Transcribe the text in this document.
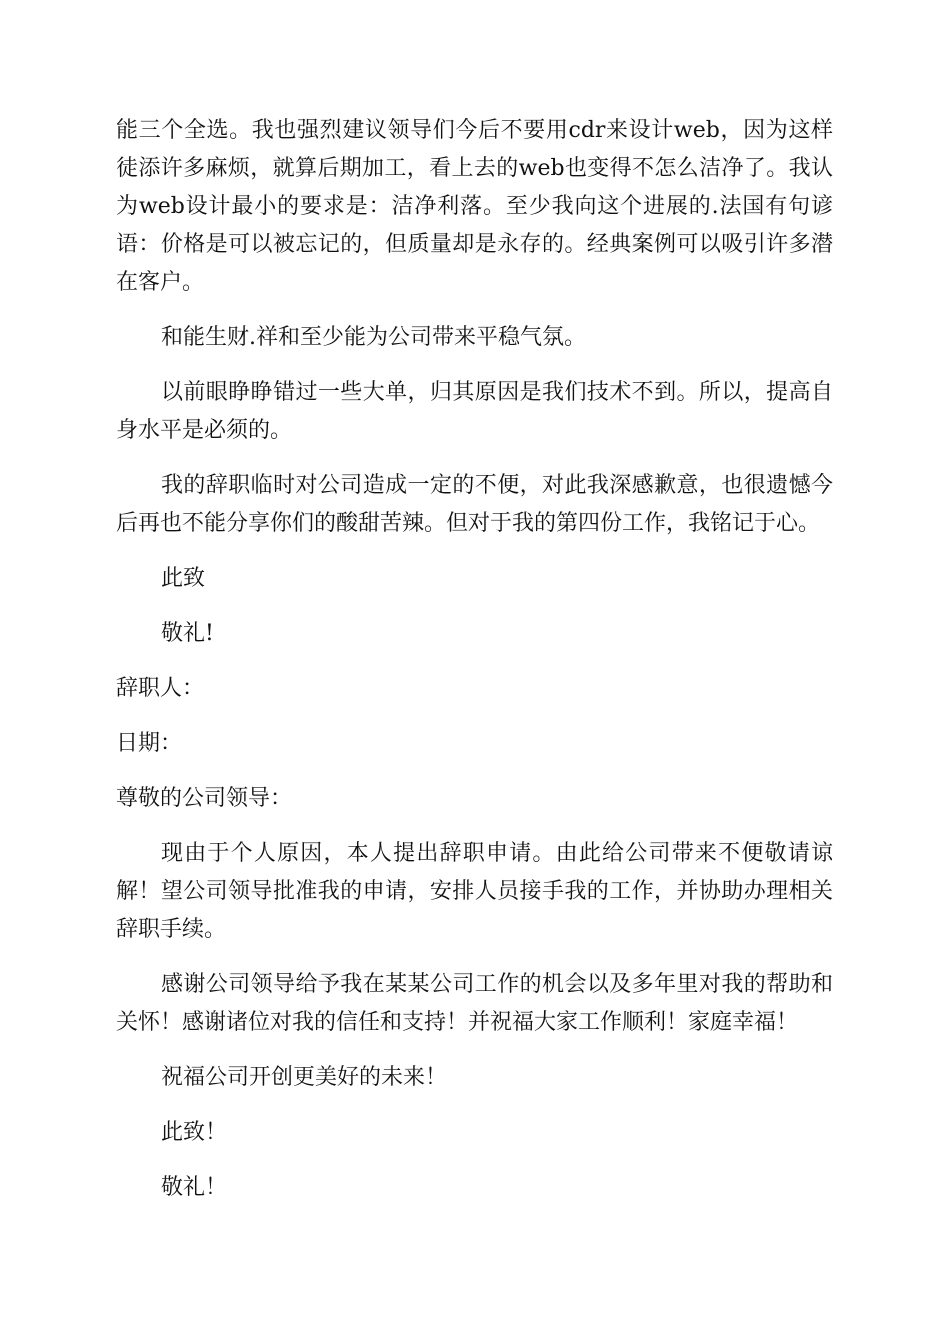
能三个全选。我也强烈建议领导们今后不要用cdr来设计web，因为这样徒添许多麻烦，就算后期加工，看上去的web也变得不怎么洁净了。我认为web设计最小的要求是：洁净利落。至少我向这个进展的.法国有句谚语：价格是可以被忘记的，但质量却是永存的。经典案例可以吸引许多潜在客户。

和能生财.祥和至少能为公司带来平稳气氛。

以前眼睁睁错过一些大单，归其原因是我们技术不到。所以，提高自身水平是必须的。

我的辞职临时对公司造成一定的不便，对此我深感歉意，也很遗憾今后再也不能分享你们的酸甜苦辣。但对于我的第四份工作，我铭记于心。

此致

敬礼!

辞职人：

日期：

尊敬的公司领导：

现由于个人原因，本人提出辞职申请。由此给公司带来不便敬请谅解！望公司领导批准我的申请，安排人员接手我的工作，并协助办理相关辞职手续。

感谢公司领导给予我在某某公司工作的机会以及多年里对我的帮助和关怀！感谢诸位对我的信任和支持！并祝福大家工作顺利！家庭幸福！

祝福公司开创更美好的未来！

此致！

敬礼！
